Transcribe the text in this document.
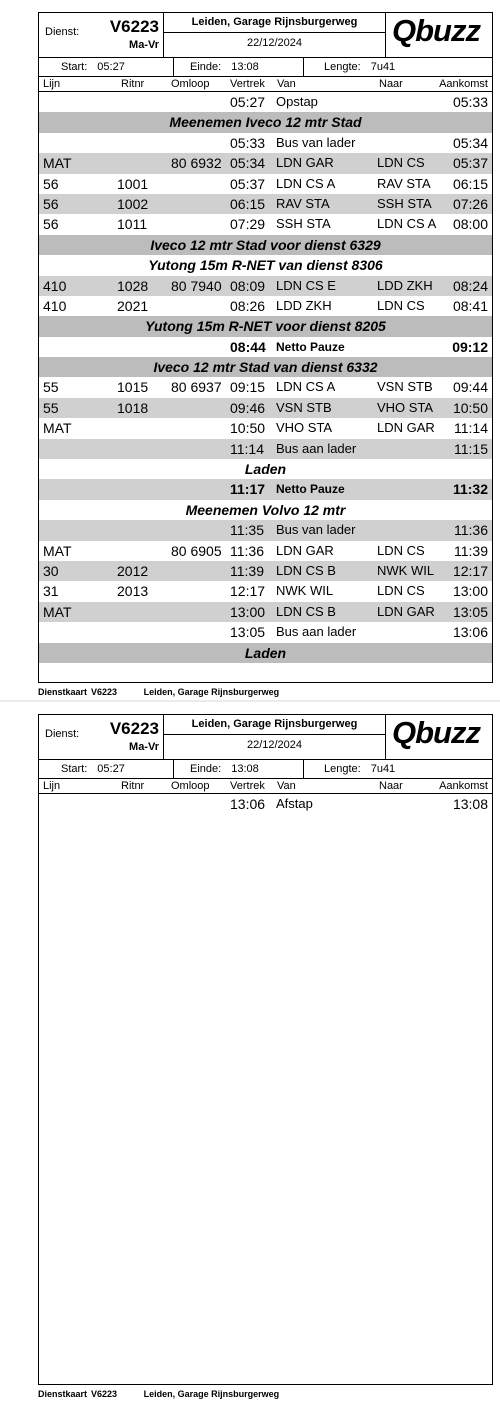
Dienst: V6223
Ma-Vr
Leiden, Garage Rijnsburgerweg
22/12/2024	Qbuzz
Start: 05:27	Einde: 13:08	Lengte: 7u41
Lijn	Ritnr Omloop Vertrek Van	Naar	Aankomst
05:27 Opstap	05:33
Meenemen Iveco 12 mtr Stad
05:33 Bus van lader	05:34
MAT	80 6932 05:34 LDN GAR	LDN CS 05:37
56	1001	05:37 LDN CS A	RAV STA 06:15
56	1002	06:15 RAV STA	SSH STA 07:26
56	1011	07:29 SSH STA	LDN CS A 08:00
Iveco 12 mtr Stad voor dienst 6329
Yutong 15m R-NET van dienst 8306
410	1028 80 7940 08:09 LDN CS E	LDD ZKH 08:24
410	2021	08:26 LDD ZKH	LDN CS 08:41
Yutong 15m R-NET voor dienst 8205
08:44 Netto Pauze	09:12
Iveco 12 mtr Stad van dienst 6332
55	1015 80 6937 09:15 LDN CS A	VSN STB 09:44
55	1018	09:46 VSN STB	VHO STA 10:50
MAT	10:50 VHO STA	LDN GAR 11:14
11:14 Bus aan lader	11:15
Laden
11:17 Netto Pauze	11:32
Meenemen Volvo 12 mtr
11:35 Bus van lader	11:36
MAT	80 6905 11:36 LDN GAR	LDN CS 11:39
30	2012	11:39 LDN CS B	NWK WIL 12:17
31	2013	12:17 NWK WIL	LDN CS 13:00
MAT	13:00 LDN CS B	LDN GAR 13:05
13:05 Bus aan lader	13:06
Laden
Dienstkaart V6223	Leiden, Garage Rijnsburgerweg
Dienst: V6223
Ma-Vr
Leiden, Garage Rijnsburgerweg
22/12/2024	Qbuzz
Start: 05:27	Einde: 13:08	Lengte: 7u41
Lijn	Ritnr Omloop Vertrek Van	Naar	Aankomst
13:06 Afstap	13:08
Dienstkaart V6223	Leiden, Garage Rijnsburgerweg
